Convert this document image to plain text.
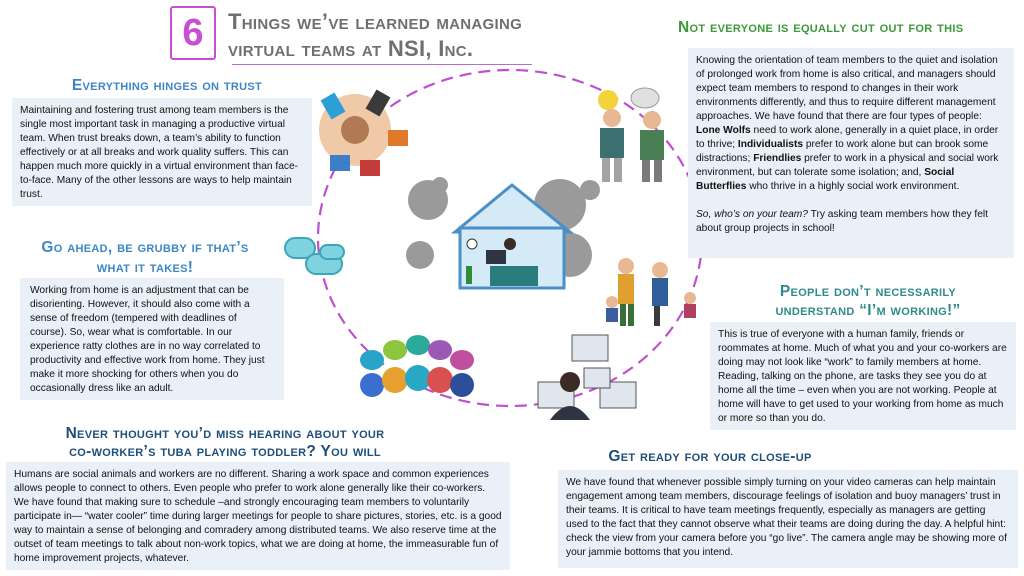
6	Things we’ve learned managing
virtual teams at NSI, Inc.
Everything hinges on trust
Maintaining and fostering trust among team members is the single most important task in managing a productive virtual team. When trust breaks down, a team’s ability to function effectively or at all breaks and work quality suffers. This can happen much more quickly in a virtual environment than face-to-face. Many of the other lessons are ways to help maintain trust.
Go ahead, be grubby if that’s
what it takes!
Working from home is an adjustment that can be disorienting. However, it should also come with a sense of freedom (tempered with deadlines of course). So, wear what is comfortable. In our experience ratty clothes are in no way correlated to productivity and effective work from home. They just make it more shocking for others when you do occasionally dress like an adult.
Never thought you’d miss hearing about your
co-worker’s tuba playing toddler? You will
Humans are social animals and workers are no different. Sharing a work space and common experiences allows people to connect to others. Even people who prefer to work alone generally like their co-workers. We have found that making sure to schedule –and strongly encouraging team members to voluntarily participate in— “water cooler” time during larger meetings for people to share pictures, stories, etc. is a good way to maintain a sense of belonging and comradery among distributed teams. We also reserve time at the outset of team meetings to talk about non-work topics, what we are doing at home, the immeasurable fun of home improvement projects, whatever.
Not everyone is equally cut out for this
Knowing the orientation of team members to the quiet and isolation of prolonged work from home is also critical, and managers should expect team members to respond to changes in their work environments differently, and thus to require different management approaches. We have found that there are four types of people: Lone Wolfs need to work alone, generally in a quiet place, in order to thrive; Individualists prefer to work alone but can brook some distractions; Friendlies prefer to work in a physical and social work environment, but can tolerate some isolation; and, Social Butterflies who thrive in a highly social work environment.
So, who’s on your team? Try asking team members how they felt about group projects in school!
People don’t necessarily
understand “I’m working!”
This is true of everyone with a human family, friends or roommates at home. Much of what you and your co-workers are doing may not look like “work” to family members at home. Reading, talking on the phone, are tasks they see you do at home all the time – even when you are not working. People at home will have to get used to your working from home as much or more so than you do.
Get ready for your close-up
We have found that whenever possible simply turning on your video cameras can help maintain engagement among team members, discourage feelings of isolation and buoy managers’ trust in their teams. It is critical to have team meetings frequently, especially as managers are getting used to the fact that they cannot observe what their teams are doing during the day. A helpful hint: check the view from your camera before you “go live”. The camera angle may be showing more of your jammie bottoms that you intend.
